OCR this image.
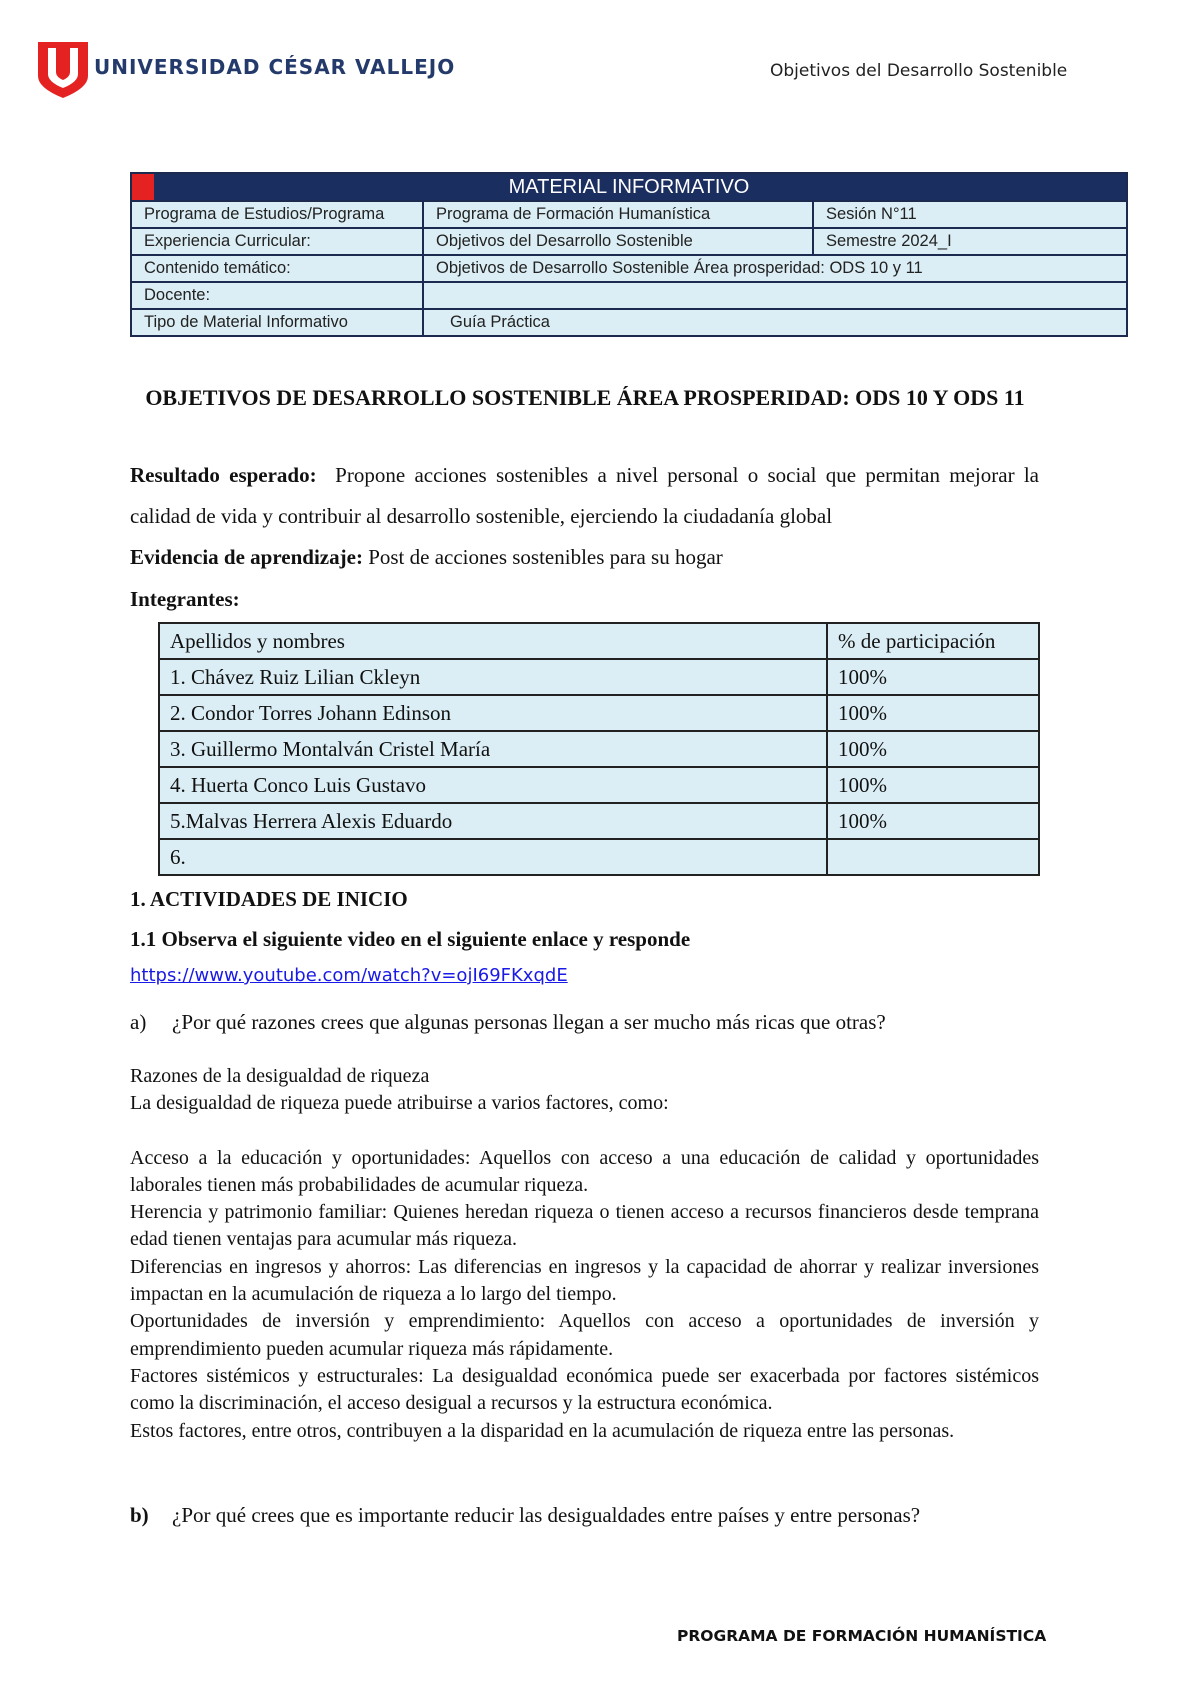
UNIVERSIDAD CÉSAR VALLEJO	Objetivos del Desarrollo Sostenible
MATERIAL INFORMATIVO		
Programa de Estudios/Programa	Programa de Formación Humanística	Sesión N°11
Experiencia Curricular:	Objetivos del Desarrollo Sostenible	Semestre 2024_I
Contenido temático:	Objetivos de Desarrollo Sostenible Área prosperidad: ODS 10 y 11	
Docente:		
Tipo de Material Informativo	Guía Práctica	
OBJETIVOS DE DESARROLLO SOSTENIBLE ÁREA PROSPERIDAD: ODS 10 Y ODS 11
Resultado esperado: Propone acciones sostenibles a nivel personal o social que permitan mejorar la calidad de vida y contribuir al desarrollo sostenible, ejerciendo la ciudadanía global
Evidencia de aprendizaje: Post de acciones sostenibles para su hogar
Integrantes:
Apellidos y nombres	% de participación
1. Chávez Ruiz Lilian Ckleyn	100%
2. Condor Torres Johann Edinson	100%
3. Guillermo Montalván Cristel María	100%
4. Huerta Conco Luis Gustavo	100%
5.Malvas Herrera Alexis Eduardo	100%
6.	
1. ACTIVIDADES DE INICIO
1.1 Observa el siguiente video en el siguiente enlace y responde
https://www.youtube.com/watch?v=ojI69FKxqdE
a) ¿Por qué razones crees que algunas personas llegan a ser mucho más ricas que otras?

Razones de la desigualdad de riqueza

La desigualdad de riqueza puede atribuirse a varios factores, como:

Acceso a la educación y oportunidades: Aquellos con acceso a una educación de calidad y oportunidades laborales tienen más probabilidades de acumular riqueza.

Herencia y patrimonio familiar: Quienes heredan riqueza o tienen acceso a recursos financieros desde temprana edad tienen ventajas para acumular más riqueza.

Diferencias en ingresos y ahorros: Las diferencias en ingresos y la capacidad de ahorrar y realizar inversiones impactan en la acumulación de riqueza a lo largo del tiempo.

Oportunidades de inversión y emprendimiento: Aquellos con acceso a oportunidades de inversión y emprendimiento pueden acumular riqueza más rápidamente.

Factores sistémicos y estructurales: La desigualdad económica puede ser exacerbada por factores sistémicos como la discriminación, el acceso desigual a recursos y la estructura económica.

Estos factores, entre otros, contribuyen a la disparidad en la acumulación de riqueza entre las personas.

b) ¿Por qué crees que es importante reducir las desigualdades entre países y entre personas?
PROGRAMA DE FORMACIÓN HUMANÍSTICA
